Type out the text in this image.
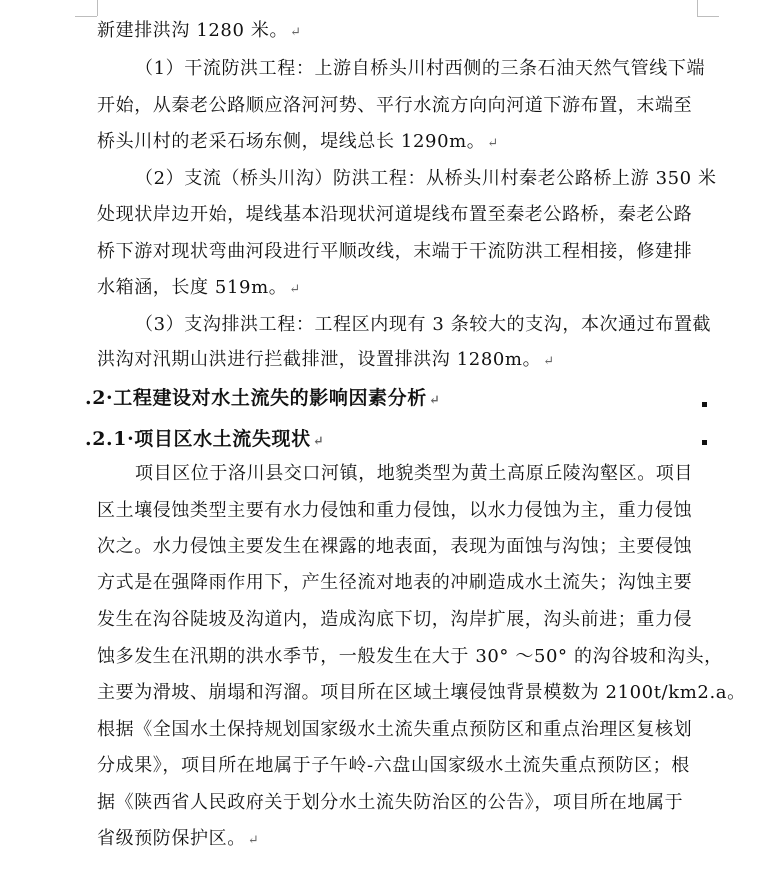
新建排洪沟 1280 米。 ↵
（1）干流防洪工程：上游自桥头川村西侧的三条石油天然气管线下端
开始，从秦老公路顺应洛河河势、平行水流方向向河道下游布置，末端至
桥头川村的老采石场东侧，堤线总长 1290m。 ↵
（2）支流（桥头川沟）防洪工程：从桥头川村秦老公路桥上游 350 米
处现状岸边开始，堤线基本沿现状河道堤线布置至秦老公路桥，秦老公路
桥下游对现状弯曲河段进行平顺改线，末端于干流防洪工程相接，修建排
水箱涵，长度 519m。 ↵
（3）支沟排洪工程：工程区内现有 3 条较大的支沟，本次通过布置截
洪沟对汛期山洪进行拦截排泄，设置排洪沟 1280m。 ↵
.2·工程建设对水土流失的影响因素分析 ↵
.2.1·项目区水土流失现状 ↵
项目区位于洛川县交口河镇，地貌类型为黄土高原丘陵沟壑区。项目
区土壤侵蚀类型主要有水力侵蚀和重力侵蚀，以水力侵蚀为主，重力侵蚀
次之。水力侵蚀主要发生在裸露的地表面，表现为面蚀与沟蚀；主要侵蚀
方式是在强降雨作用下，产生径流对地表的冲刷造成水土流失；沟蚀主要
发生在沟谷陡坡及沟道内，造成沟底下切，沟岸扩展，沟头前进；重力侵
蚀多发生在汛期的洪水季节，一般发生在大于 30° ～50° 的沟谷坡和沟头，
主要为滑坡、崩塌和泻溜。项目所在区域土壤侵蚀背景模数为 2100t/km2.a。
根据《全国水土保持规划国家级水土流失重点预防区和重点治理区复核划
分成果》，项目所在地属于子午岭-六盘山国家级水土流失重点预防区；根
据《陕西省人民政府关于划分水土流失防治区的公告》，项目所在地属于
省级预防保护区。 ↵
